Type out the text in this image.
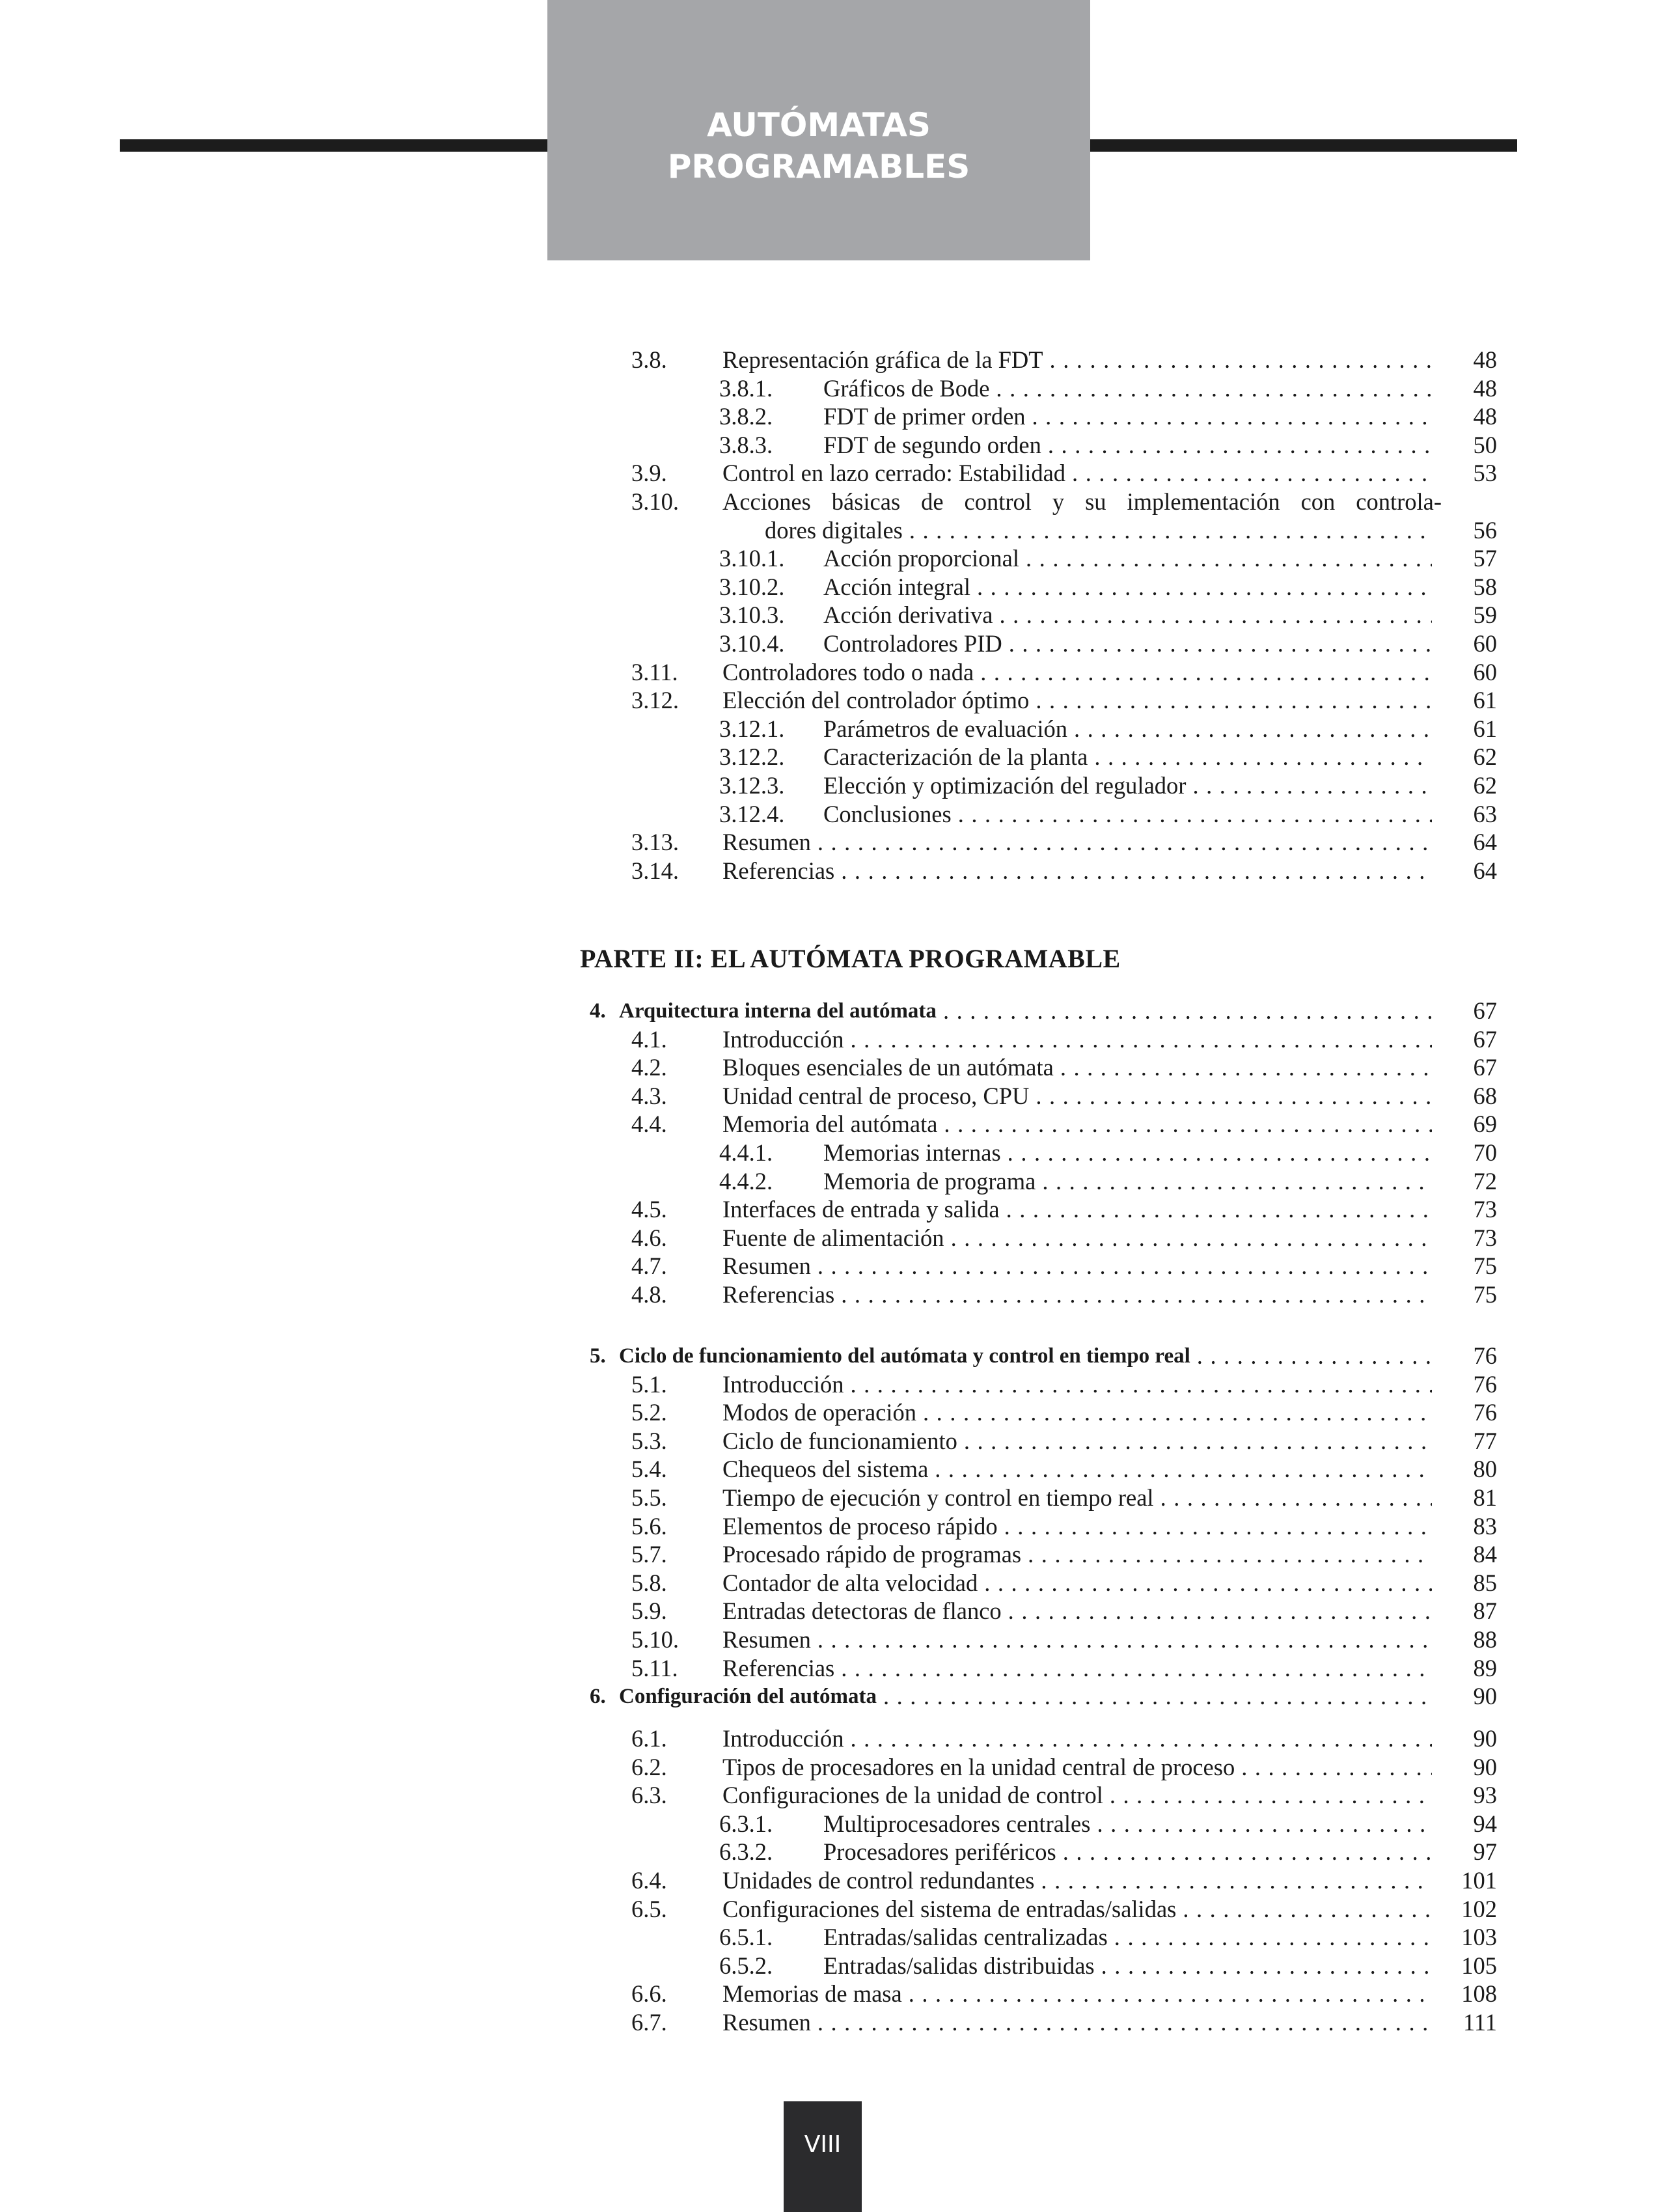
AUTÓMATAS
PROGRAMABLES
3.8. Representación gráfica de la FDT . . .	48
3.8.1. Gráficos de Bode . . .	48
3.8.2. FDT de primer orden . . .	48
3.8.3. FDT de segundo orden . . .	50
3.9. Control en lazo cerrado: Estabilidad . . .	53
3.10. Acciones básicas de control y su implementación con controla-
dores digitales . . .	56
3.10.1. Acción proporcional . . .	57
3.10.2. Acción integral . . .	58
3.10.3. Acción derivativa . . .	59
3.10.4. Controladores PID . . .	60
3.11. Controladores todo o nada . . .	60
3.12. Elección del controlador óptimo . . .	61
3.12.1. Parámetros de evaluación . . .	61
3.12.2. Caracterización de la planta . . .	62
3.12.3. Elección y optimización del regulador . . .	62
3.12.4. Conclusiones . . .	63
3.13. Resumen . . .	64
3.14. Referencias . . .	64
4. Arquitectura interna del autómata . . .	67
4.1. Introducción . . .	67
4.2. Bloques esenciales de un autómata . . .	67
4.3. Unidad central de proceso, CPU . . .	68
4.4. Memoria del autómata . . .	69
4.4.1. Memorias internas . . .	70
4.4.2. Memoria de programa . . .	72
4.5. Interfaces de entrada y salida . . .	73
4.6. Fuente de alimentación . . .	73
4.7. Resumen . . .	75
4.8. Referencias . . .	75
5. Ciclo de funcionamiento del autómata y control en tiempo real . . .	76
5.1. Introducción . . .	76
5.2. Modos de operación . . .	76
5.3. Ciclo de funcionamiento . . .	77
5.4. Chequeos del sistema . . .	80
5.5. Tiempo de ejecución y control en tiempo real . . .	81
5.6. Elementos de proceso rápido . . .	83
5.7. Procesado rápido de programas . . .	84
5.8. Contador de alta velocidad . . .	85
5.9. Entradas detectoras de flanco . . .	87
5.10. Resumen . . .	88
5.11. Referencias . . .	89
6. Configuración del autómata . . .	90
6.1. Introducción . . .	90
6.2. Tipos de procesadores en la unidad central de proceso . . .	90
6.3. Configuraciones de la unidad de control . . .	93
6.3.1. Multiprocesadores centrales . . .	94
6.3.2. Procesadores periféricos . . .	97
6.4. Unidades de control redundantes . . .	101
6.5. Configuraciones del sistema de entradas/salidas . . .	102
6.5.1. Entradas/salidas centralizadas . . .	103
6.5.2. Entradas/salidas distribuidas . . .	105
6.6. Memorias de masa . . .	108
6.7. Resumen . . .	111
PARTE II: EL AUTÓMATA PROGRAMABLE
VIII
